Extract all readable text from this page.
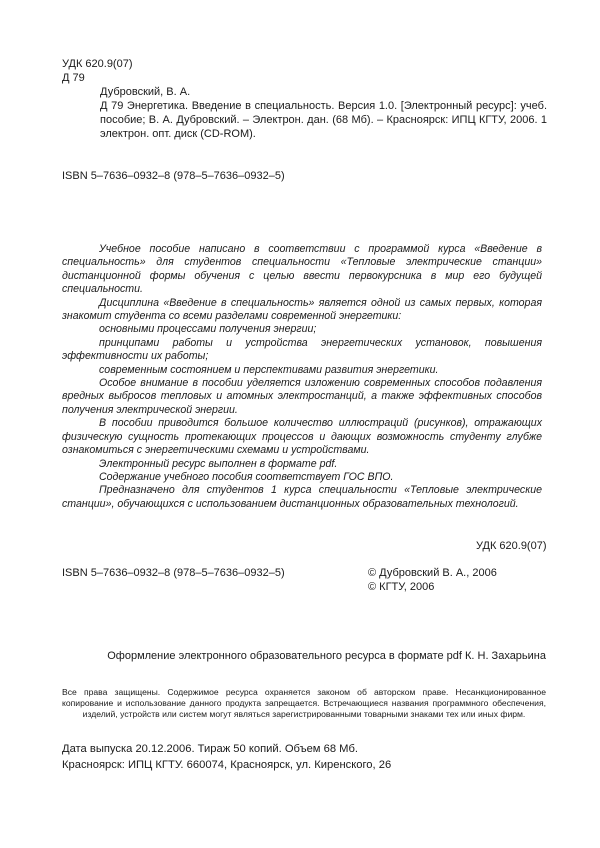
УДК 620.9(07)

Д 79

Дубровский, В. А.

Д 79 Энергетика. Введение в специальность. Версия 1.0. [Электронный ресурс]: учеб. пособие; В. А. Дубровский. – Электрон. дан. (68 Мб). – Красноярск: ИПЦ КГТУ, 2006. 1 электрон. опт. диск (CD-ROM).

ISBN 5–7636–0932–8 (978–5–7636–0932–5)

Учебное пособие написано в соответствии с программой курса «Введение в специальность» для студентов специальности «Тепловые электрические станции» дистанционной формы обучения с целью ввести первокурсника в мир его будущей специальности.

Дисциплина «Введение в специальность» является одной из самых первых, которая знакомит студента со всеми разделами современной энергетики:

основными процессами получения энергии;

принципами работы и устройства энергетических установок, повышения эффективности их работы;

современным состоянием и перспективами развития энергетики.

Особое внимание в пособии уделяется изложению современных способов подавления вредных выбросов тепловых и атомных электростанций, а также эффективных способов получения электрической энергии.

В пособии приводится большое количество иллюстраций (рисунков), отражающих физическую сущность протекающих процессов и дающих возможность студенту глубже ознакомиться с энергетическими схемами и устройствами.

Электронный ресурс выполнен в формате pdf.

Содержание учебного пособия соответствует ГОС ВПО.

Предназначено для студентов 1 курса специальности «Тепловые электрические станции», обучающихся с использованием дистанционных образовательных технологий.

УДК 620.9(07)
ISBN 5–7636–0932–8 (978–5–7636–0932–5)	© Дубровский В. А., 2006
© КГТУ, 2006
Оформление электронного образовательного ресурса в формате pdf К. Н. Захарьина
Все права защищены. Содержимое ресурса охраняется законом об авторском праве. Несанкционированное копирование и использование данного продукта запрещается. Встречающиеся названия программного обеспечения, изделий, устройств или систем могут являться зарегистрированными товарными знаками тех или иных фирм.
Дата выпуска 20.12.2006. Тираж 50 копий. Объем 68 Мб.
Красноярск: ИПЦ КГТУ. 660074, Красноярск, ул. Киренского, 26
